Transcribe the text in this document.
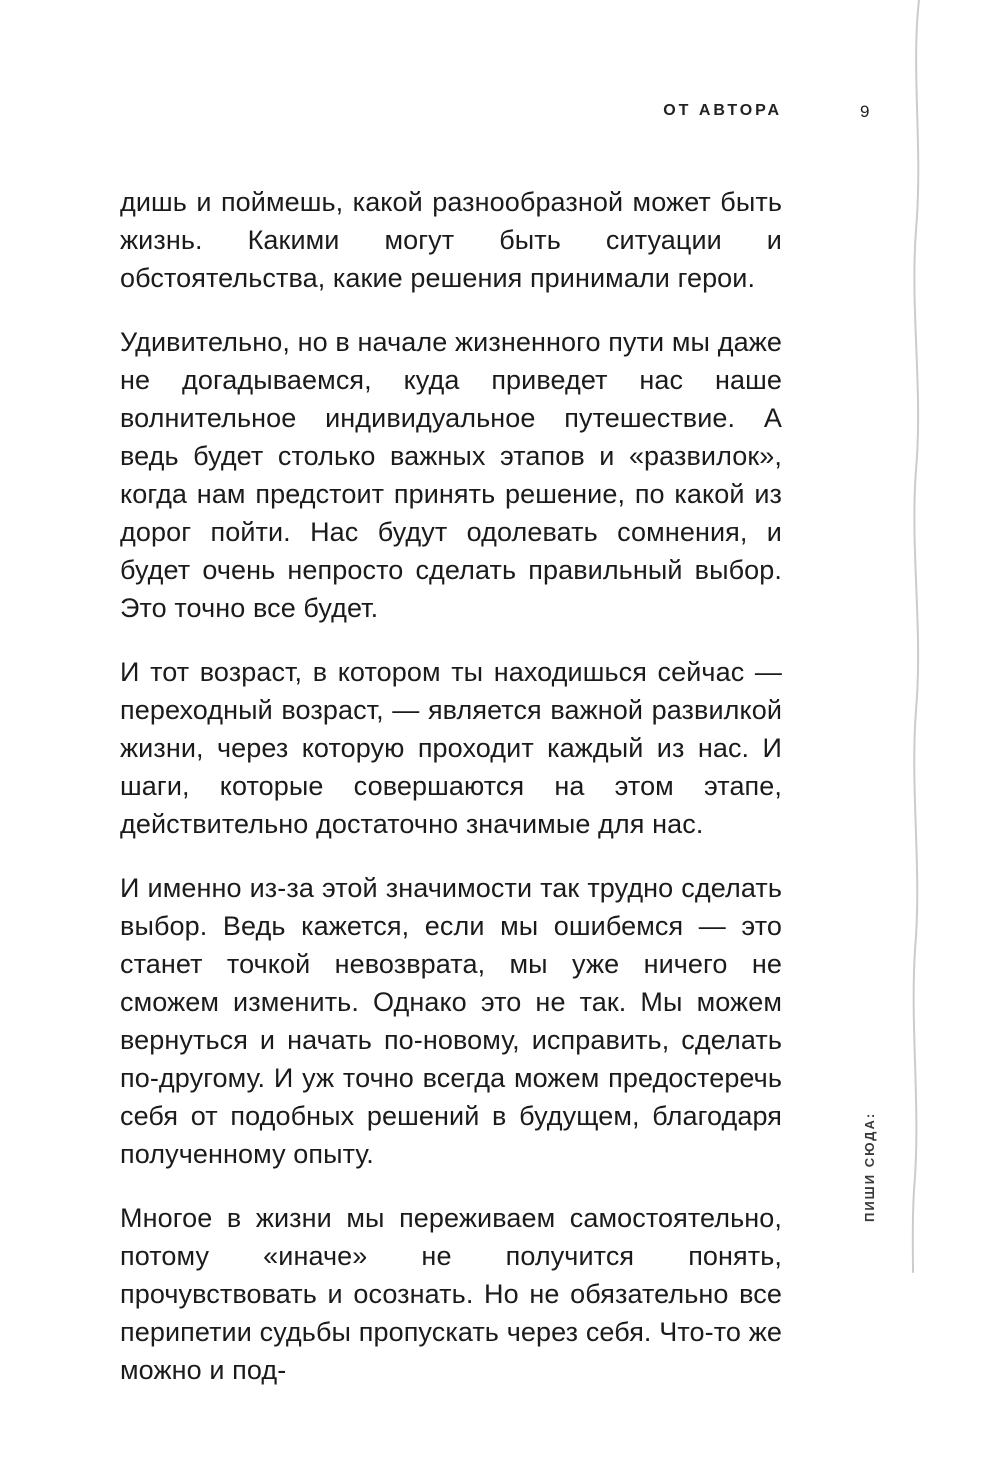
ОТ АВТОРА	9

дишь и поймешь, какой разнообразной может быть жизнь. Какими могут быть ситуации и обстоятельства, какие решения принимали герои.

Удивительно, но в начале жизненного пути мы даже не догадываемся, куда приведет нас наше волнительное индивидуальное путешествие. А ведь будет столько важных этапов и «развилок», когда нам предстоит принять решение, по какой из дорог пойти. Нас будут одолевать сомнения, и будет очень непросто сделать правильный выбор. Это точно все будет.

И тот возраст, в котором ты находишься сейчас — переходный возраст, — является важной развилкой жизни, через которую проходит каждый из нас. И шаги, которые совершаются на этом этапе, действительно достаточно значимые для нас.

И именно из-за этой значимости так трудно сделать выбор. Ведь кажется, если мы ошибемся — это станет точкой невозврата, мы уже ничего не сможем изменить. Однако это не так. Мы можем вернуться и начать по-новому, исправить, сделать по-другому. И уж точно всегда можем предостеречь себя от подобных решений в будущем, благодаря полученному опыту.

Многое в жизни мы переживаем самостоятельно, потому «иначе» не получится понять, прочувствовать и осознать. Но не обязательно все перипетии судьбы пропускать через себя. Что-то же можно и под-

ПИШИ СЮДА:
